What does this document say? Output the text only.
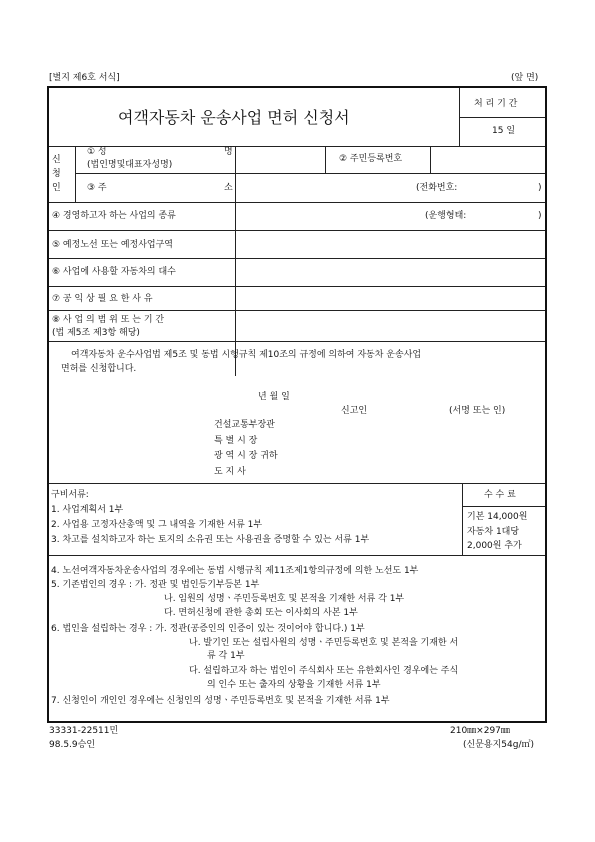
[별지 제6호 서식]	(앞 면)
여객자동차 운송사업 면허 신청서
처 리 기 간
15 일
신
청
인
① 성	명
(법인명및대표자성명)
② 주민등록번호
③ 주	소	(전화번호:	)
④ 경영하고자 하는 사업의 종류	(운행형태:	)
⑤ 예정노선 또는 예정사업구역
⑥ 사업에 사용할 자동차의 대수
⑦ 공 익 상 필 요 한 사 유
⑧ 사 업 의 범 위 또 는 기 간
(법 제5조 제3항 해당)
여객자동차 운수사업법 제5조 및 동법 시행규칙 제10조의 규정에 의하여 자동차 운송사업
면허를 신청합니다.
년 월 일
신고인	(서명 또는 인)
건설교통부장관
특 별 시 장
광 역 시 장 귀하
도 지 사
구비서류:
1. 사업계획서 1부
2. 사업용 고정자산총액 및 그 내역을 기재한 서류 1부
3. 차고를 설치하고자 하는 토지의 소유권 또는 사용권을 증명할 수 있는 서류 1부
수 수 료
기본 14,000원
자동차 1대당
2,000원 추가
4. 노선여객자동차운송사업의 경우에는 동법 시행규칙 제11조제1항의규정에 의한 노선도 1부
5. 기존법인의 경우 : 가. 정관 및 법인등기부등본 1부
나. 임원의 성명ㆍ주민등록번호 및 본적을 기재한 서류 각 1부
다. 면허신청에 관한 총회 또는 이사회의 사본 1부
6. 법인을 설립하는 경우 : 가. 정관(공증인의 인증이 있는 것이어야 합니다.) 1부
나. 발기인 또는 설립사원의 성명ㆍ주민등록번호 및 본적을 기재한 서
류 각 1부
다. 설립하고자 하는 법인이 주식회사 또는 유한회사인 경우에는 주식
의 인수 또는 출자의 상황을 기재한 서류 1부
7. 신청인이 개인인 경우에는 신청인의 성명ㆍ주민등록번호 및 본적을 기재한 서류 1부
33331-22511민
98.5.9승인
210㎜×297㎜
(신문용지54g/㎡)
